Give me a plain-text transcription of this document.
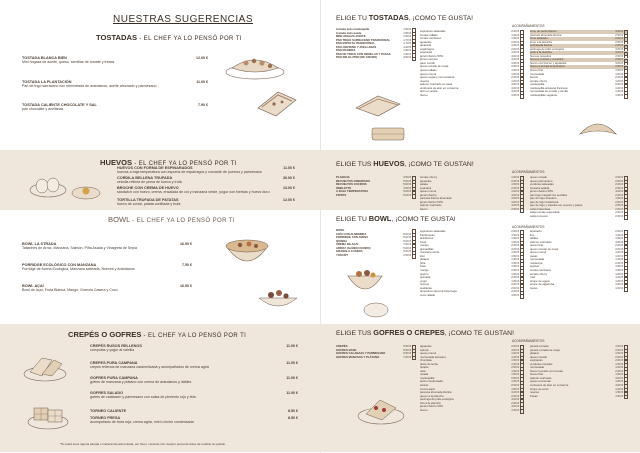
NUESTRAS SUGERENCIAS
TOSTADAS - EL CHEF YA LO PENSÓ POR TI
TOSTADA BLANCA BIEN
Mini hogaza de aceite, queso, semillas de tomate y fresas
12.00 €
TOSTADA LA PLANTACIÓN
Pan de trigo sarraceno con mermelada de arándanos, aceite ahumado y parmesano
11.00 €
TOSTADA CALIENTE CHOCOLATE Y SAL
pan chocolate y avellanas
7.90 €
HUEVOS - EL CHEF YA LO PENSÓ POR TI
HUEVOS CON FORMA DE ESPINARADOS
huevos a baja temperatura con espuma de espárragos y crocante de puerros y parmesano
11.00 €
CORDILA BELLENA TRUFADA
cebolla rellena de yema de huevo y trufa
30.00 €
BROCHE CON CREMA DE HUEVO
sándwich con huevo, crema, ensalada de col y manzana verde, yogur con hierbas y huevo duro
13.00 €
TORTILLA TRUFADA DE PATATAS
huevo de corral, patata confitada y trufa
12.00 €
BOWL - EL CHEF YA LO PENSÓ POR TI
BOWL LA STRADA
Tallarines de Arroz, Manzana, Salmón, Piña Asada y Vinagreta de Sepia
16.50 €
PORRIDGE ECOLÓGICO CON MANZANA
Porridge de Avena Ecológica, Manzana salteada, Nueces y Arándanos
7.50 €
BOWL AÇAÍ
Bowl de Açaí, Fruta Blanca, Mango, Granola Casera y Coco
16.50 €
CREPÉS O GOFRES - EL CHEF YA LO PENSÓ POR TI
CREPÉS RUSOS RELLENOS
compotas y yogur al vainilla
11.00 €
CREPES PURA CAMPANA
crepes rellenos de manzana caramelizada y acompañados de crema agria
11.00 €
GOFRES PURA CAMPANA
gofres de manzana y plátano con crema de arándanos y dátiles
11.00 €
GOFRES SALADO
gofres de calabacín y parmesano con salsa de pimiento rojo y feta
11.00 €
TORNEO CALIENTE	8.50 €
TORNEO FRESA
acompañado de fruta roja, crema agria, miel o leche condensada
8.50 €
*Si usted tiene alguna alergia o intolerancia alimentaria, por favor, consulte con nuestro personal antes de realizar su pedido.
ELIGE TU TOSTADAS, ¡COMO TE GUSTA!
ELIGE TUS HUEVOS, ¡COMO TE GUSTAN!
ELIGE TU BOWL, ¡COMO TE GUSTA!
ELIGE TUS GOFRES O CREPES, ¡COMO TE GUSTAN!
ACOMPAÑAMIENTOS
ACOMPAÑAMIENTOS
ACOMPAÑAMIENTOS
ACOMPAÑAMIENTOS
tostada todo mantequilla	1.50 €
tostada todo aceite	1.50 €
MINI HOGAZA ACEITE	1.50 €
PAN TRIGO SARRACENO TRADICIONAL	1.70 €
PAN ESPELTA TRADICIONAL	1.70 €
PAN CENTENO Y AVELLANAS	1.90 €
PAN MASEIRA	1.90 €
PAN DE TRIGO CON SEMILLAS Y PASAS	1.90 €
PAN SIN GLUTEN (DE GRANO)	2.50 €
espinacas salteadas	2.00 €
tomate rallado	1.00 €
tomate semiseco	1.50 €
aguacate	2.00 €
ajoaceite	1.00 €
espárragos	2.00 €
aceitunas	1.00 €
jamón ibérico 50%	4.00 €
jamón serrano	3.00 €
pavo cocido	1.50 €
queso curado de oveja	2.00 €
queso rallado	1.00 €
queso crema	1.00 €
queso vegano con levadura	2.00 €
nueces	1.00 €
salmón marinado en casa	4.00 €
ventresca de atún en conserva	4.00 €
atún en aceite	3.00 €
huevo	1.50 €
lomo de cerdo ibérico	3.00 €
panceta ahumada ibérica	2.50 €
lomo adobado	2.00 €
lomo a la plancha	2.50 €
sobrasada ibérica	2.00 €
pechuga de pollo ecológica	3.00 €
pollo a la plancha	3.00 €
huevos revueltos	2.00 €
huevos cocidos y revueltos	2.00 €
huevo con beicon y aguacate	3.00 €
huevo a la baja temperatura	2.50 €
huevo frito	1.50 €
mermelada	1.00 €
beicon	2.00 €
tomate cherry	1.00 €
mantequilla	0.50 €
mantequilla artesana francesa	1.00 €
mermelada de tomate y tomillo	1.00 €
mantequillas veganas	1.50 €
PLANCHA	4.50 €
REVUELTOS CREMOSOS	5.00 €
REVUELTOS COCIDOS	5.00 €
OMELETTE	4.50 €
A BAJA TEMPERATURA	5.00 €
FRITOS	5.00 €
tomate cherry	1.00 €
aguacate	2.00 €
patata	1.50 €
espinaca	2.00 €
queso crema	1.00 €
jamón ibérico	4.00 €
panceta ibérica ahumada	3.00 €
jamón ibérico 50%	4.00 €
salmón marinado	4.00 €
bacon	2.00 €
queso curado	2.00 €
queso parmesano	2.00 €
verduras salteadas	2.00 €
foccacia salada	2.50 €
jamón ibérico 50%	4.00 €
pan trigo integral con semillas	2.00 €
pan de trigo artesano	1.50 €
pan de trigo tradicional	2.00 €
pan de trigo y espelta con nueces y pasas	2.50 €
salsa holandesa	2.00 €
salsa tomate especiada	2.00 €
salsa romesco	2.00 €
BOWL
CHÍA CON ALMENDRA	5.00 €
PORRIDGE CON AVENA	5.00 €
QUINOA	5.00 €
CREMA DE AÇAÍ	7.00 €
ARROZ (ALMEN COCIDO)	5.00 €
GRANOLA CASERA	3.50 €
YOGURT	2.50 €
espinacas salteadas	2.00 €
frambuesas	1.50 €
arándanos	1.50 €
fresa	1.50 €
mango	2.00 €
granadillas	2.00 €
manzana verde	1.50 €
kiwi	1.50 €
plátano	1.50 €
piña	1.50 €
fruta	1.50 €
mango	2.00 €
pepino	1.50 €
granada	2.00 €
yogur	1.50 €
nueces	2.00 €
avellanas	2.00 €
almendra marcona fruta bega	2.00 €
coco rallado	1.50 €
anacardo	2.00 €
lino	1.00 €
dátiles	1.50 €
salmón marinado	4.00 €
queso feta	2.00 €
queso curado de oveja	2.00 €
queso crema	1.00 €
pasas	1.00 €
mermelada	1.00 €
maracuyá	2.00 €
pepitas	1.00 €
tomate semiseco	1.50 €
tomate cherry	1.00 €
miel	1.00 €
sirope de agave	1.00 €
sirope de algarroba	1.00 €
cacao	1.00 €
CREPÉS	5.50 €
GOFRES BASE	5.50 €
GOFRES CALABAZA Y PARMESANO	6.50 €
GOFRES MANZANA Y PLÁTANO	7.00 €
aguacate	2.00 €
salmón	4.00 €
queso crema	1.00 €
mermelada artesana	1.00 €
chocolate	1.50 €
dulce de leche	1.50 €
helado	2.50 €
nata	1.00 €
nutella	1.50 €
mantequilla	0.50 €
leche condensada	1.00 €
azúcar	0.50 €
crema agria	1.50 €
panceta ahumada ibérica	3.00 €
queso a la plancha	2.00 €
pechuga de pollo ecológico	3.00 €
tofu a la plancha	2.00 €
jamón ibérico 50%	4.00 €
huevo	1.50 €
panela cortada	1.00 €
panela cortada de oveja	2.00 €
plátano	1.50 €
queso curado	2.00 €
espinacas	2.00 €
verduras cortadas	1.50 €
mermelada	1.00 €
huevo revuelto con tomate	2.00 €
huevo frito	1.50 €
salmón marinado	4.00 €
queso emmental	1.00 €
ventresca de atún en conserva	4.00 €
sirope de arroz	1.00 €
nueces	1.50 €
fresas	1.50 €
